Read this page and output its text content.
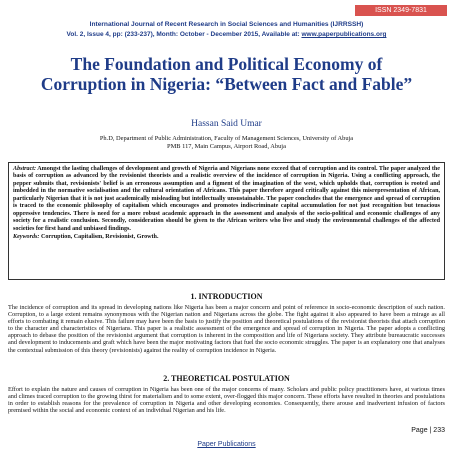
ISSN 2349-7831
International Journal of Recent Research in Social Sciences and Humanities (IJRRSSH)
Vol. 2, Issue 4, pp: (233-237), Month: October - December 2015, Available at: www.paperpublications.org
The Foundation and Political Economy of Corruption in Nigeria: “Between Fact and Fable”
Hassan Said Umar
Ph.D, Department of Public Administration, Faculty of Management Sciences, University of Abuja
PMB 117, Main Campus, Airport Road, Abuja
Abstract: Amongst the lasting challenges of development and growth of Nigeria and Nigerians none exceed that of corruption and its control. The paper analyzed the basis of corruption as advanced by the revisionist theorists and a realistic overview of the incidence of corruption in Nigeria. Using a conflicting approach, the pepper submits that, revisionists' belief is an erroneous assumption and a figment of the imagination of the west, which upholds that, corruption is rooted and imbedded in the normative socialisation and the cultural orientation of Africans. This paper therefore argued critically against this misrepresentation of African, particularly Nigerian that it is not just academically misleading but intellectually unsustainable. The paper concludes that the emergence and spread of corruption is traced to the economic philosophy of capitalism which encourages and promotes indiscriminate capital accumulation for not just recognition but tenacious oppressive tendencies. There is need for a more robust academic approach in the assessment and analysis of the socio-political and economic challenges of any society for a realistic conclusion. Secondly, consideration should be given to the African writers who live and study the environmental challenges of the affected societies for first hand and unbiased findings.
Keywords: Corruption, Capitalism, Revisionist, Growth.
1. INTRODUCTION
The incidence of corruption and its spread in developing nations like Nigeria has been a major concern and point of reference in socio-economic description of such nation. Corruption, to a large extent remains synonymous with the Nigerian nation and Nigerians across the globe. The fight against it also appeared to have been a mirage as all efforts to combating it remain elusive. This failure may have been the basis to justify the position and theoretical postulations of the revisionist theorists that attach corruption to the character and characteristics of Nigerians. This paper is a realistic assessment of the emergence and spread of corruption in Nigeria. The paper adopts a conflicting approach to debase the position of the revisionist argument that corruption is inherent in the composition and life of Nigerians society. They attribute bureaucratic successes and development to inducements and graft which have been the major motivating factors that fuel the socio economic struggles. The paper is an explanatory one that analyses the contextual submission of this theory (revisionists) against the reality of corruption incidence in Nigeria.
2. THEORETICAL POSTULATION
Effort to explain the nature and causes of corruption in Nigeria has been one of the major concerns of many. Scholars and public policy practitioners have, at various times and climes traced corruption to the growing thirst for materialism and to some extent, over-flogged this major concern. These efforts have resulted in theories and postulations in order to establish reasons for the prevalence of corruption in Nigeria and other developing economies. Consequently, there arouse and inadvertent infusion of factors premised within the social and economic context of an individual Nigerian and his life.
Page | 233
Paper Publications
